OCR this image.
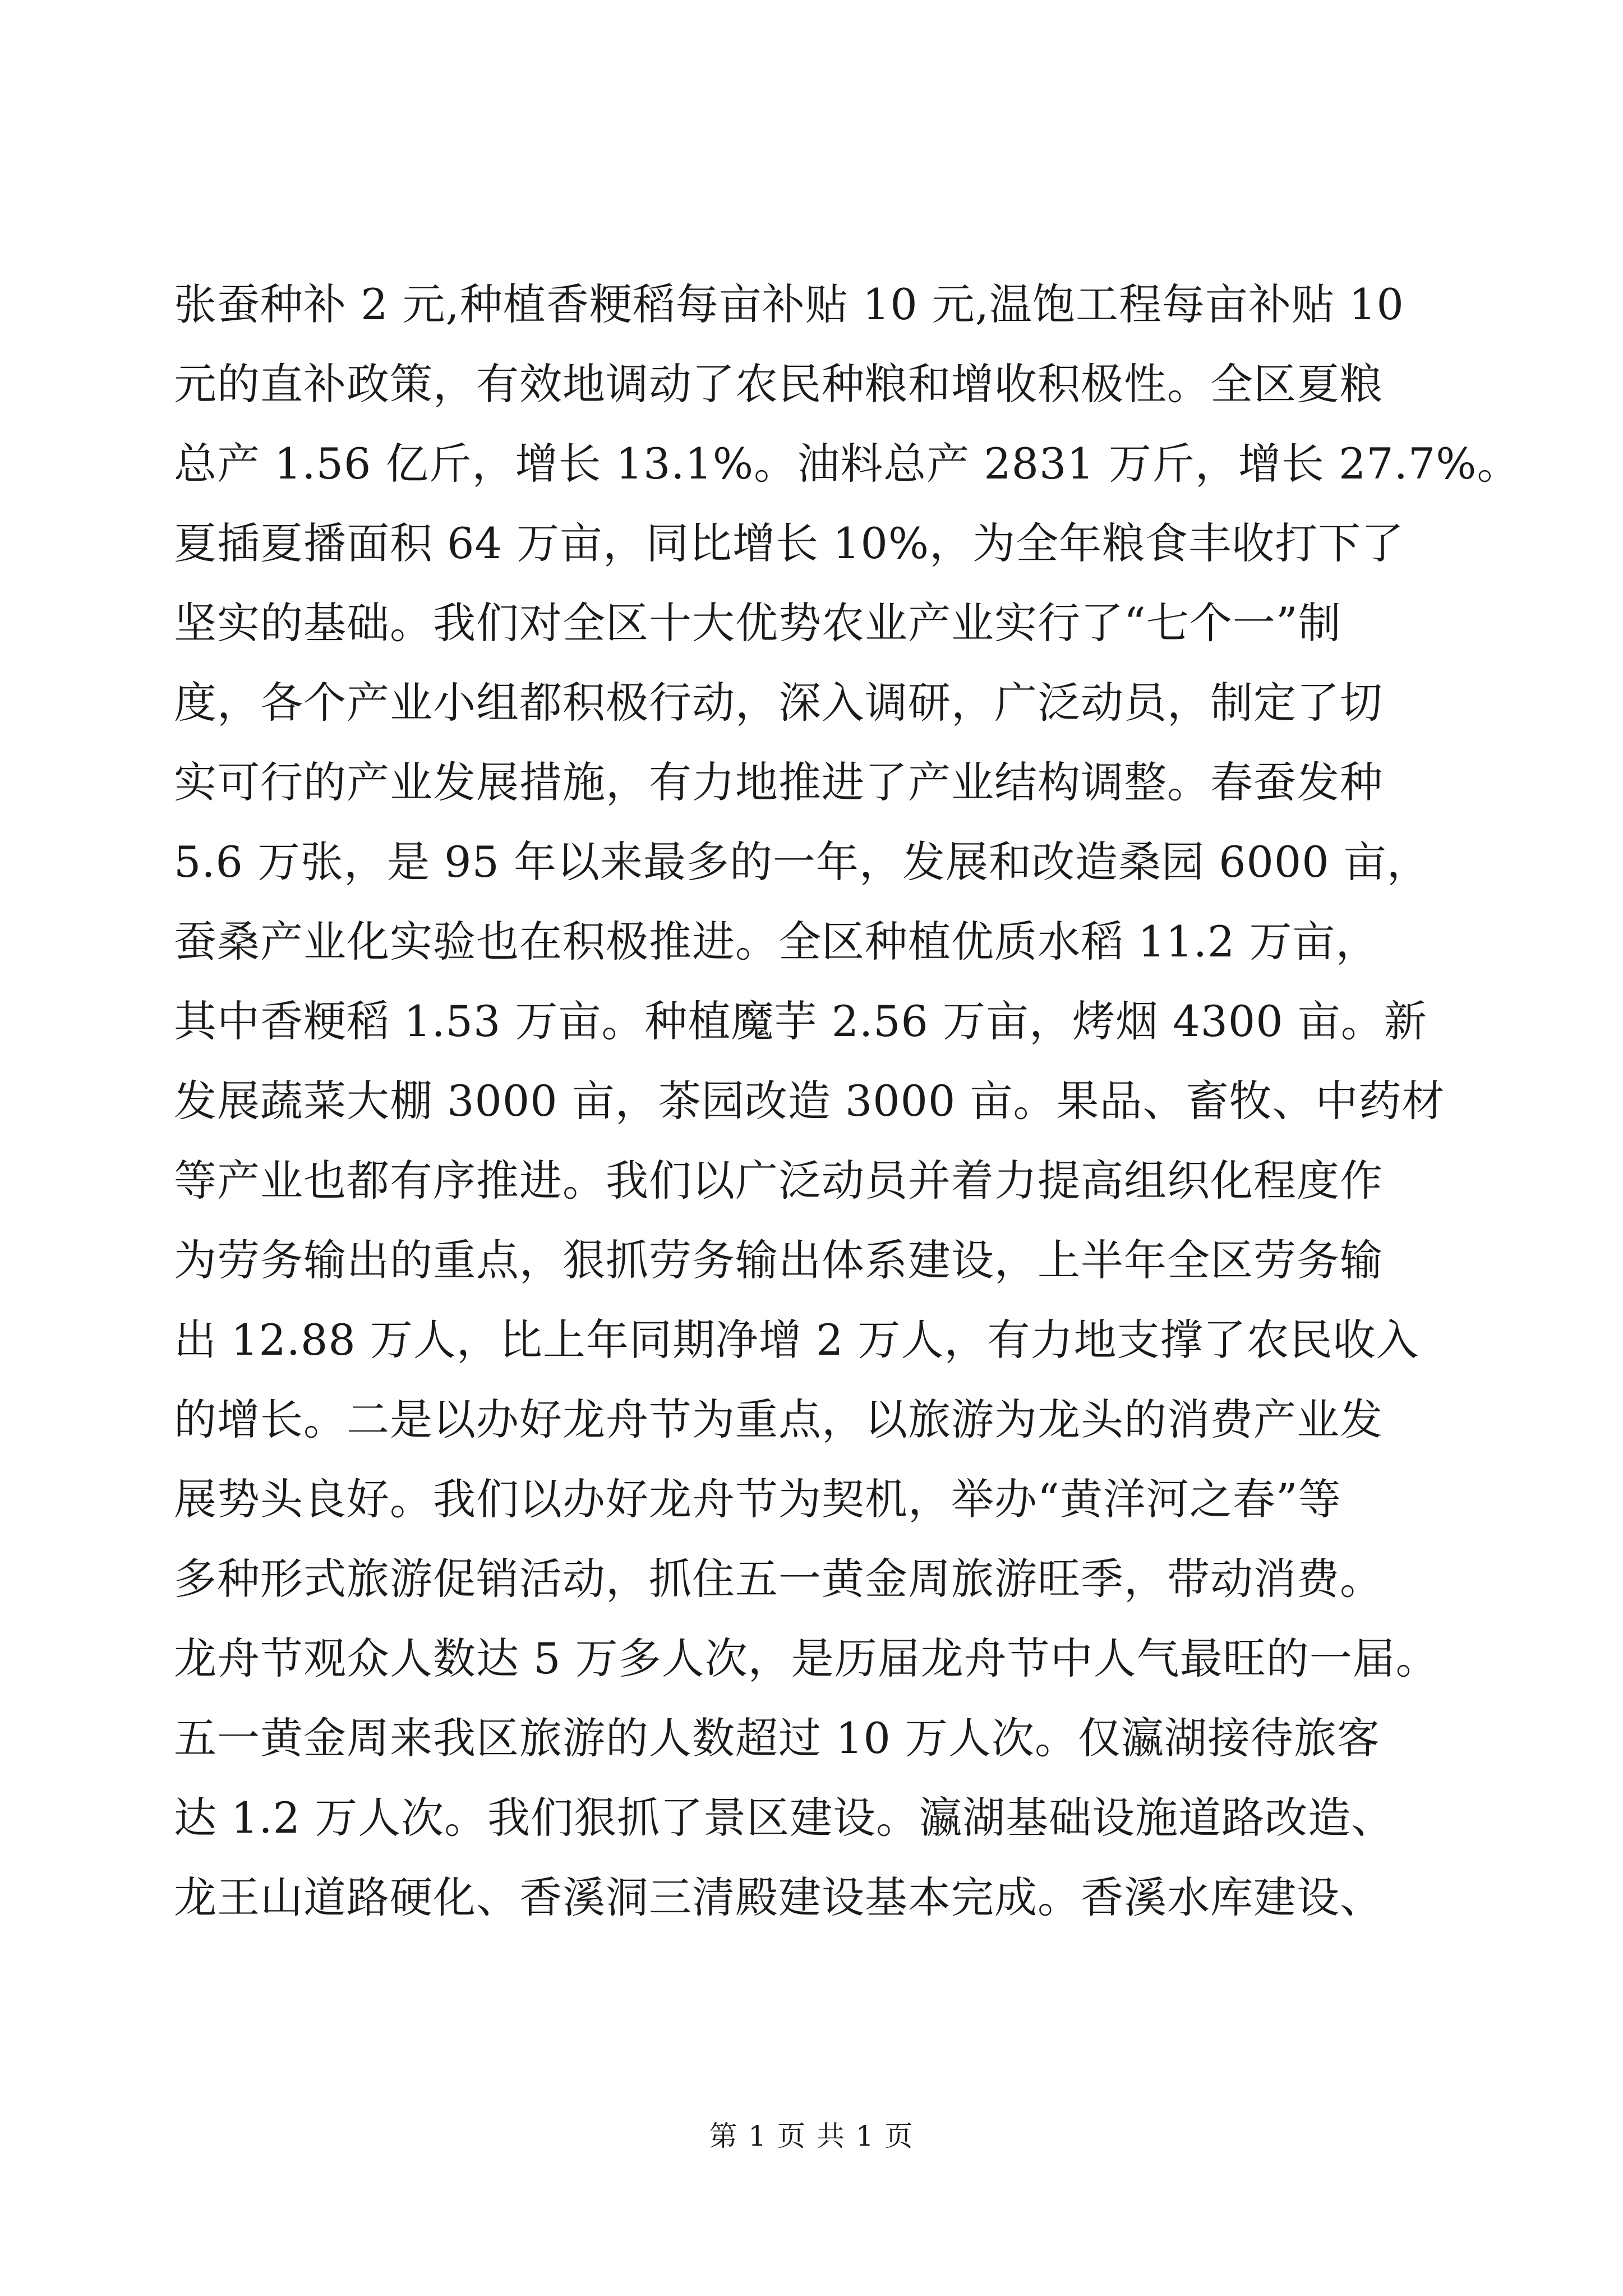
张蚕种补 2 元,种植香粳稻每亩补贴 10 元,温饱工程每亩补贴 10
元的直补政策，有效地调动了农民种粮和增收积极性。全区夏粮
总产 1.56 亿斤，增长 13.1%。油料总产 2831 万斤，增长 27.7%。
夏插夏播面积 64 万亩，同比增长 10%，为全年粮食丰收打下了
坚实的基础。我们对全区十大优势农业产业实行了“七个一”制
度，各个产业小组都积极行动，深入调研，广泛动员，制定了切
实可行的产业发展措施，有力地推进了产业结构调整。春蚕发种
5.6 万张，是 95 年以来最多的一年，发展和改造桑园 6000 亩，
蚕桑产业化实验也在积极推进。全区种植优质水稻 11.2 万亩，
其中香粳稻 1.53 万亩。种植魔芋 2.56 万亩，烤烟 4300 亩。新
发展蔬菜大棚 3000 亩，茶园改造 3000 亩。果品、畜牧、中药材
等产业也都有序推进。我们以广泛动员并着力提高组织化程度作
为劳务输出的重点，狠抓劳务输出体系建设，上半年全区劳务输
出 12.88 万人，比上年同期净增 2 万人，有力地支撑了农民收入
的增长。二是以办好龙舟节为重点，以旅游为龙头的消费产业发
展势头良好。我们以办好龙舟节为契机，举办“黄洋河之春”等
多种形式旅游促销活动，抓住五一黄金周旅游旺季，带动消费。
龙舟节观众人数达 5 万多人次，是历届龙舟节中人气最旺的一届。
五一黄金周来我区旅游的人数超过 10 万人次。仅瀛湖接待旅客
达 1.2 万人次。我们狠抓了景区建设。瀛湖基础设施道路改造、
龙王山道路硬化、香溪洞三清殿建设基本完成。香溪水库建设、
第 1 页 共 1 页
